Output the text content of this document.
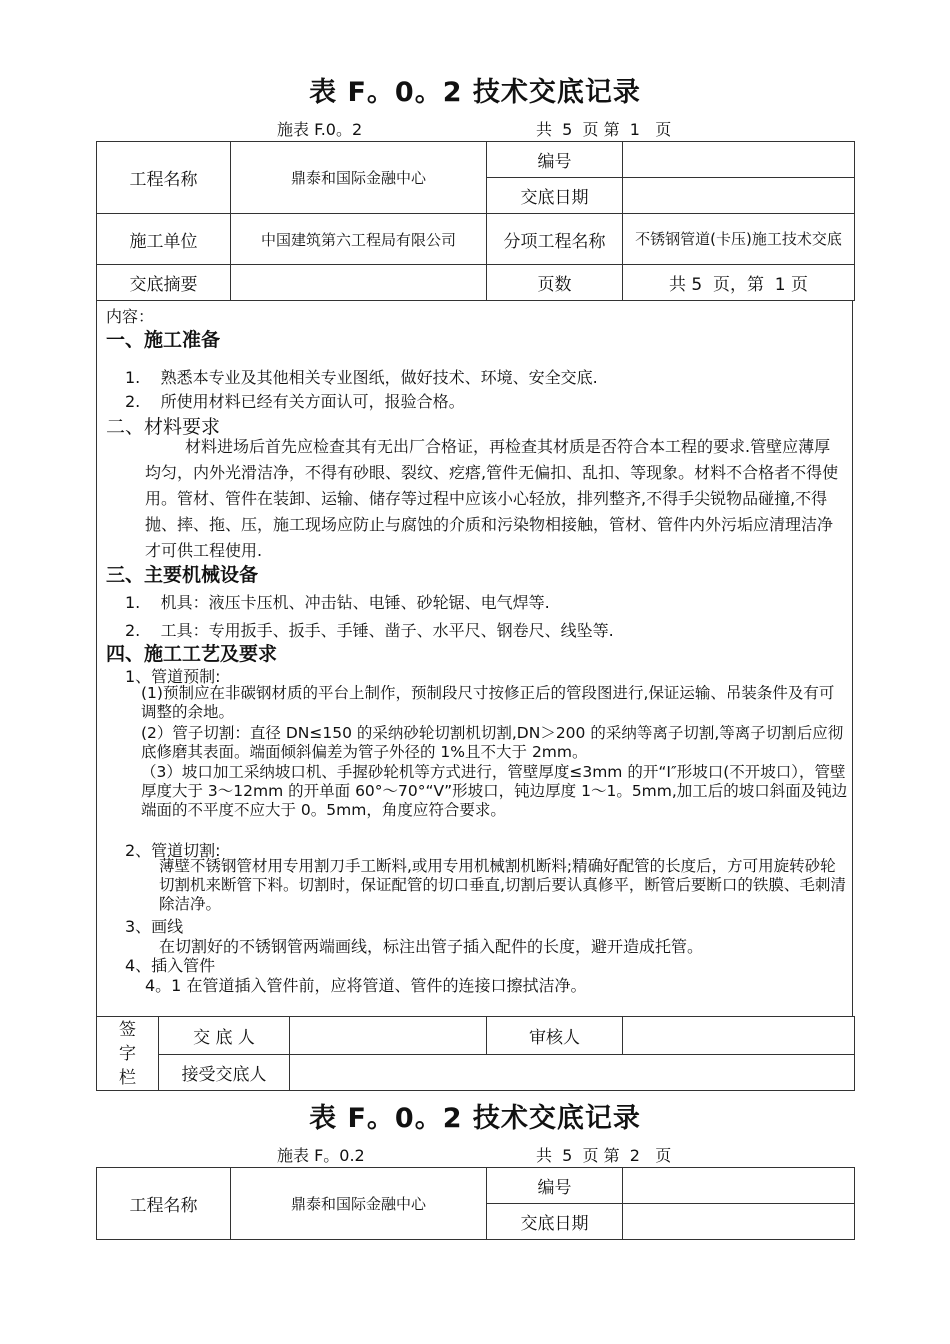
表 F。0。2 技术交底记录
施表 F.0。2	共  5  页 第  1   页
工程名称	鼎泰和国际金融中心	编号	
		交底日期	
施工单位	中国建筑第六工程局有限公司	分项工程名称	不锈钢管道(卡压)施工技术交底
交底摘要		页数	共 5  页，第  1 页
内容：
一、施工准备
1.    熟悉本专业及其他相关专业图纸，做好技术、环境、安全交底.
2.    所使用材料已经有关方面认可，报验合格。
二、材料要求
材料进场后首先应检查其有无出厂合格证，再检查其材质是否符合本工程的要求.管壁应薄厚均匀，内外光滑洁净，不得有砂眼、裂纹、疙瘩,管件无偏扣、乱扣、等现象。材料不合格者不得使用。管材、管件在装卸、运输、储存等过程中应该小心轻放，排列整齐,不得手尖锐物品碰撞,不得抛、摔、拖、压，施工现场应防止与腐蚀的介质和污染物相接触，管材、管件内外污垢应清理洁净才可供工程使用.
三、主要机械设备
1.    机具：液压卡压机、冲击钻、电锤、砂轮锯、电气焊等.
2.    工具：专用扳手、扳手、手锤、凿子、水平尺、钢卷尺、线坠等.
四、施工工艺及要求
1、管道预制:
(1)预制应在非碳钢材质的平台上制作，预制段尺寸按修正后的管段图进行,保证运输、吊装条件及有可调整的余地。
(2）管子切割：直径 DN≤150 的采纳砂轮切割机切割,DN＞200 的采纳等离子切割,等离子切割后应彻底修磨其表面。端面倾斜偏差为管子外径的 1%且不大于 2mm。
（3）坡口加工采纳坡口机、手握砂轮机等方式进行，管壁厚度≤3mm 的开“I″形坡口(不开坡口），管壁厚度大于 3～12mm 的开单面 60°～70°“V”形坡口，钝边厚度 1～1。5mm,加工后的坡口斜面及钝边端面的不平度不应大于 0。5mm，角度应符合要求。
2、管道切割:
薄壁不锈钢管材用专用割刀手工断料,或用专用机械割机断料;精确好配管的长度后，方可用旋转砂轮切割机来断管下料。切割时，保证配管的切口垂直,切割后要认真修平，断管后要断口的铁膜、毛刺清除洁净。
3、画线
在切割好的不锈钢管两端画线，标注出管子插入配件的长度，避开造成托管。
4、插入管件
4。1 在管道插入管件前，应将管道、管件的连接口擦拭洁净。
签字栏	交 底 人		审核人	
	接受交底人			
表 F。0。2 技术交底记录
施表 F。0.2	共  5  页 第  2   页
工程名称	鼎泰和国际金融中心	编号	
		交底日期	
